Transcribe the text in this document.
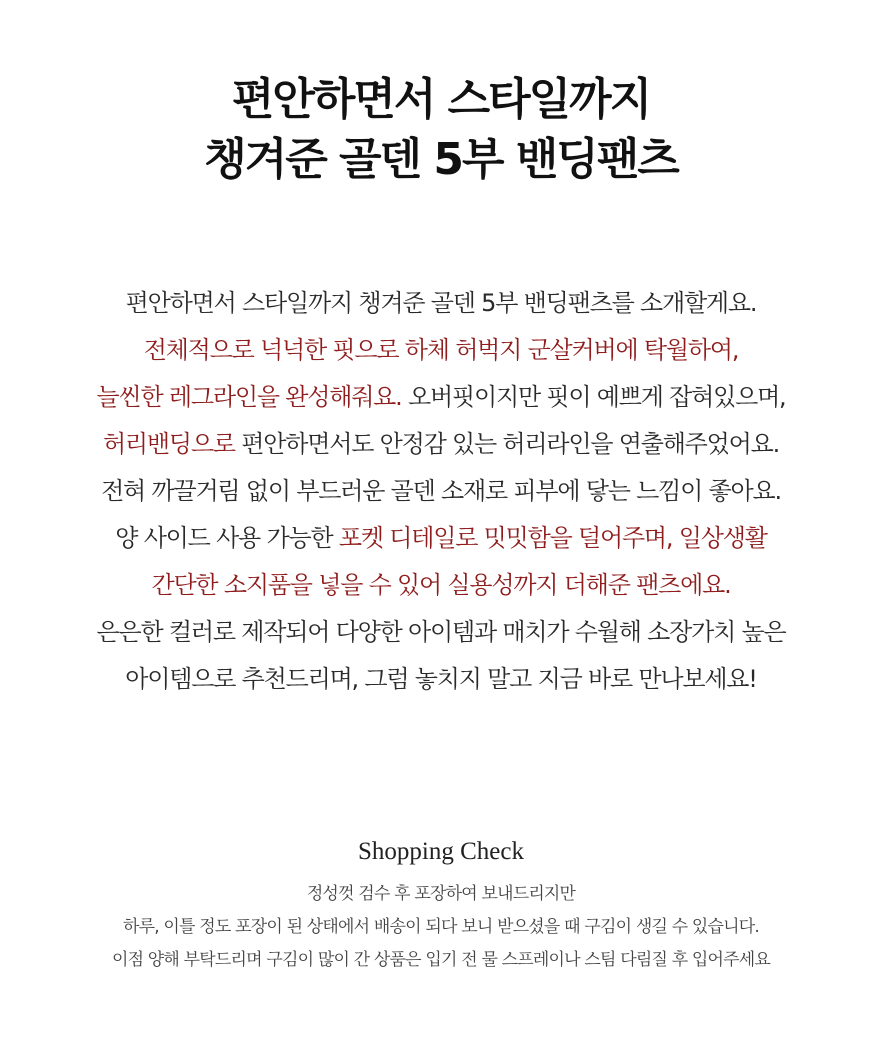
편안하면서 스타일까지
챙겨준 골덴 5부 밴딩팬츠
편안하면서 스타일까지 챙겨준 골덴 5부 밴딩팬츠를 소개할게요.
전체적으로 넉넉한 핏으로 하체 허벅지 군살커버에 탁월하여,
늘씬한 레그라인을 완성해줘요. 오버핏이지만 핏이 예쁘게 잡혀있으며,
허리밴딩으로 편안하면서도 안정감 있는 허리라인을 연출해주었어요.
전혀 까끌거림 없이 부드러운 골덴 소재로 피부에 닿는 느낌이 좋아요.
양 사이드 사용 가능한 포켓 디테일로 밋밋함을 덜어주며, 일상생활
간단한 소지품을 넣을 수 있어 실용성까지 더해준 팬츠에요.
은은한 컬러로 제작되어 다양한 아이템과 매치가 수월해 소장가치 높은
아이템으로 추천드리며, 그럼 놓치지 말고 지금 바로 만나보세요!
Shopping Check
정성껏 검수 후 포장하여 보내드리지만
하루, 이틀 정도 포장이 된 상태에서 배송이 되다 보니 받으셨을 때 구김이 생길 수 있습니다.
이점 양해 부탁드리며 구김이 많이 간 상품은 입기 전 물 스프레이나 스팀 다림질 후 입어주세요
